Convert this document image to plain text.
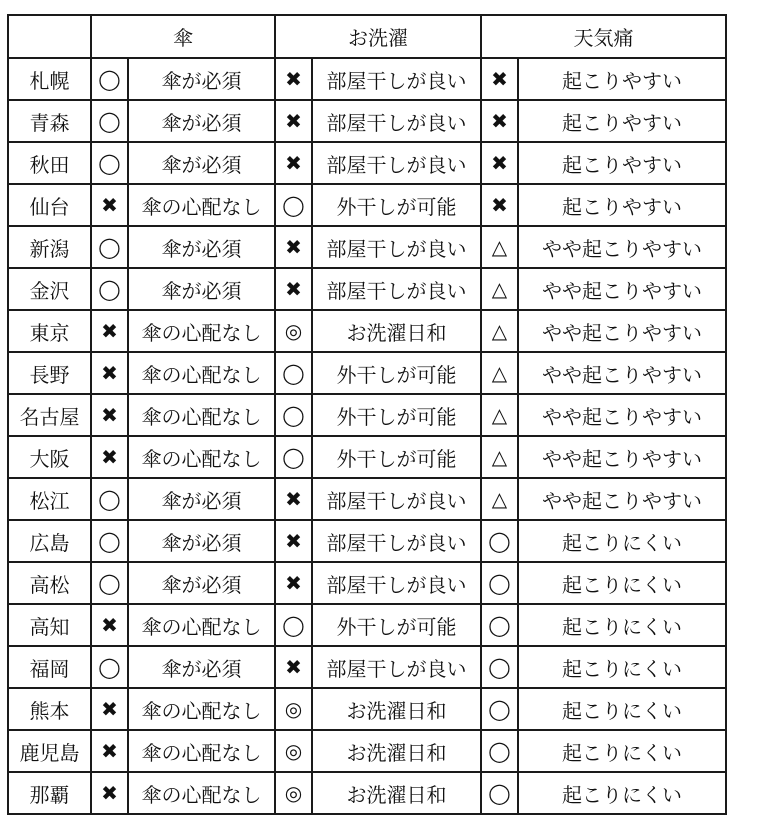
	傘		お洗濯		天気痛	
札幌	◯	傘が必須	✖	部屋干しが良い	✖	起こりやすい
青森	◯	傘が必須	✖	部屋干しが良い	✖	起こりやすい
秋田	◯	傘が必須	✖	部屋干しが良い	✖	起こりやすい
仙台	✖	傘の心配なし	◯	外干しが可能	✖	起こりやすい
新潟	◯	傘が必須	✖	部屋干しが良い	△	やや起こりやすい
金沢	◯	傘が必須	✖	部屋干しが良い	△	やや起こりやすい
東京	✖	傘の心配なし	◎	お洗濯日和	△	やや起こりやすい
長野	✖	傘の心配なし	◯	外干しが可能	△	やや起こりやすい
名古屋	✖	傘の心配なし	◯	外干しが可能	△	やや起こりやすい
大阪	✖	傘の心配なし	◯	外干しが可能	△	やや起こりやすい
松江	◯	傘が必須	✖	部屋干しが良い	△	やや起こりやすい
広島	◯	傘が必須	✖	部屋干しが良い	◯	起こりにくい
高松	◯	傘が必須	✖	部屋干しが良い	◯	起こりにくい
高知	✖	傘の心配なし	◯	外干しが可能	◯	起こりにくい
福岡	◯	傘が必須	✖	部屋干しが良い	◯	起こりにくい
熊本	✖	傘の心配なし	◎	お洗濯日和	◯	起こりにくい
鹿児島	✖	傘の心配なし	◎	お洗濯日和	◯	起こりにくい
那覇	✖	傘の心配なし	◎	お洗濯日和	◯	起こりにくい
